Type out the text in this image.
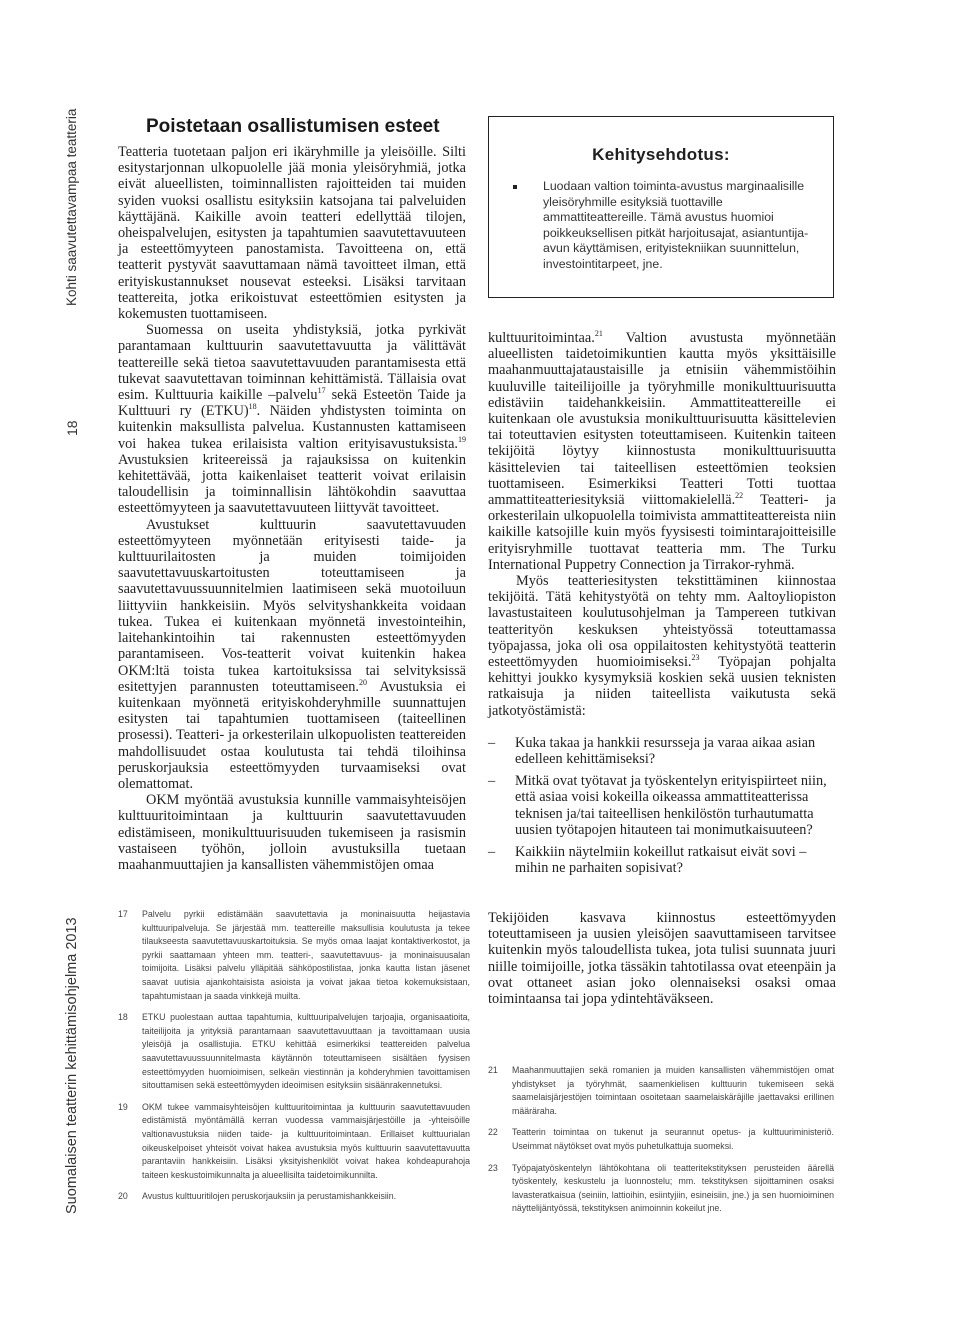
Kohti saavutettavampaa teatteria
18
Suomalaisen teatterin kehittämisohjelma 2013
Poistetaan osallistumisen esteet

Teatteria tuotetaan paljon eri ikäryhmille ja yleisöille. Silti esitystarjonnan ulkopuolelle jää monia yleisöryhmiä, jotka eivät alueellisten, toiminnallisten rajoitteiden tai muiden syiden vuoksi osallistu esityksiin katsojana tai palveluiden käyttäjänä. Kaikille avoin teatteri edellyttää tilojen, oheispalvelujen, esitysten ja tapahtumien saavutettavuuteen ja esteettömyyteen panostamista. Tavoitteena on, että teatterit pystyvät saavuttamaan nämä tavoitteet ilman, että erityiskustannukset nousevat esteeksi. Lisäksi tarvitaan teattereita, jotka erikoistuvat esteettömien esitysten ja kokemusten tuottamiseen.

Suomessa on useita yhdistyksiä, jotka pyrkivät parantamaan kulttuurin saavutettavuutta ja välittävät teattereille sekä tietoa saavutettavuuden parantamisesta että tukevat saavutettavan toiminnan kehittämistä. Tällaisia ovat esim. Kulttuuria kaikille –palvelu$^{17}$ sekä Esteetön Taide ja Kulttuuri ry (ETKU)$^{18}$. Näiden yhdistysten toiminta on kuitenkin maksullista palvelua. Kustannusten kattamiseen voi hakea tukea erilaisista valtion erityisavustuksista.$^{19}$ Avustuksien kriteereissä ja rajauksissa on kuitenkin kehitettävää, jotta kaikenlaiset teatterit voivat erilaisin taloudellisin ja toiminnallisin lähtökohdin saavuttaa esteettömyyteen ja saavutettavuuteen liittyvät tavoitteet.

Avustukset kulttuurin saavutettavuuden esteettömyyteen myönnetään erityisesti taide- ja kulttuurilaitosten ja muiden toimijoiden saavutettavuuskartoitusten toteuttamiseen ja saavutettavuussuunnitelmien laatimiseen sekä muotoiluun liittyviin hankkeisiin. Myös selvityshankkeita voidaan tukea. Tukea ei kuitenkaan myönnetä investointeihin, laitehankintoihin tai rakennusten esteettömyyden parantamiseen. Vos-teatterit voivat kuitenkin hakea OKM:ltä toista tukea kartoituksissa tai selvityksissä esitettyjen parannusten toteuttamiseen.$^{20}$ Avustuksia ei kuitenkaan myönnetä erityiskohderyhmille suunnattujen esitysten tai tapahtumien tuottamiseen (taiteellinen prosessi). Teatteri- ja orkesterilain ulkopuolisten teattereiden mahdollisuudet ostaa koulutusta tai tehdä tiloihinsa peruskorjauksia esteettömyyden turvaamiseksi ovat olemattomat.

OKM myöntää avustuksia kunnille vammaisyhteisöjen kulttuuritoimintaan ja kulttuurin saavutettavuuden edistämiseen, monikulttuurisuuden tukemiseen ja rasismin vastaiseen työhön, jolloin avustuksilla tuetaan maahanmuuttajien ja kansallisten vähemmistöjen omaa

Kehitysehdotus:
Luodaan valtion toiminta-avustus marginaalisille yleisöryhmille esityksiä tuottaville ammattiteattereille. Tämä avustus huomioi poikkeuksellisen pitkät harjoitusajat, asiantuntija-avun käyttämisen, erityistekniikan suunnittelun, investointitarpeet, jne.

kulttuuritoimintaa.$^{21}$ Valtion avustusta myönnetään alueellisten taidetoimikuntien kautta myös yksittäisille maahanmuuttajataustaisille ja etnisiin vähemmistöihin kuuluville taiteilijoille ja työryhmille monikulttuurisuutta edistäviin taidehankkeisiin. Ammattiteattereille ei kuitenkaan ole avustuksia monikulttuurisuutta käsittelevien tai toteuttavien esitysten toteuttamiseen. Kuitenkin taiteen tekijöitä löytyy kiinnostusta monikulttuurisuutta käsittelevien tai taiteellisen esteettömien teoksien tuottamiseen. Esimerkiksi Teatteri Totti tuottaa ammattiteatteriesityksiä viittomakielellä.$^{22}$ Teatteri- ja orkesterilain ulkopuolella toimivista ammattiteattereista niin kaikille katsojille kuin myös fyysisesti toimintarajoitteisille erityisryhmille tuottavat teatteria mm. The Turku International Puppetry Connection ja Tirrakor-ryhmä.

Myös teatteriesitysten tekstittäminen kiinnostaa tekijöitä. Tätä kehitystyötä on tehty mm. Aaltoyliopiston lavastustaiteen koulutusohjelman ja Tampereen tutkivan teatterityön keskuksen yhteistyössä toteuttamassa työpajassa, joka oli osa oppilaitosten kehitystyötä teatterin esteettömyyden huomioimiseksi.$^{23}$ Työpajan pohjalta kehittyi joukko kysymyksiä koskien sekä uusien teknisten ratkaisuja ja niiden taiteellista vaikutusta sekä jatkotyöstämistä:

– Kuka takaa ja hankkii resursseja ja varaa aikaa asian edelleen kehittämiseksi?
– Mitkä ovat työtavat ja työskentelyn erityispiirteet niin, että asiaa voisi kokeilla oikeassa ammattiteatterissa teknisen ja/tai taiteellisen henkilöstön turhautumatta uusien työtapojen hitauteen tai monimutkaisuuteen?
– Kaikkiin näytelmiin kokeillut ratkaisut eivät sovi – mihin ne parhaiten sopisivat?

Tekijöiden kasvava kiinnostus esteettömyyden toteuttamiseen ja uusien yleisöjen saavuttamiseen tarvitsee kuitenkin myös taloudellista tukea, jota tulisi suunnata juuri niille toimijoille, jotka tässäkin tahtotilassa ovat eteenpäin ja ovat ottaneet asian joko olennaiseksi osaksi omaa toimintaansa tai jopa ydintehtäväkseen.

17	Palvelu pyrkii edistämään saavutettavia ja moninaisuutta heijastavia kulttuuripalveluja. Se järjestää mm. teattereille maksullisia koulutusta ja tekee tilaukseesta saavutettavuuskartoituksia. Se myös omaa laajat kontaktiverkostot, ja pyrkii saattamaan yhteen mm. teatteri-, saavutettavuus- ja moninaisuusalan toimijoita. Lisäksi palvelu ylläpitää sähköpostilistaa, jonka kautta listan jäsenet saavat uutisia ajankohtaisista asioista ja voivat jakaa tietoa kokemuksistaan, tapahtumistaan ja saada vinkkejä muilta.
18	ETKU puolestaan auttaa tapahtumia, kulttuuripalvelujen tarjoajia, organisaatioita, taiteilijoita ja yrityksiä parantamaan saavutettavuuttaan ja tavoittamaan uusia yleisöjä ja osallistujia. ETKU kehittää esimerkiksi teattereiden palvelua saavutettavuussuunnitelmasta käytännön toteuttamiseen sisältäen fyysisen esteettömyyden huomioimisen, selkeän viestinnän ja kohderyhmien tavoittamisen sitouttamisen sekä esteettömyyden ideoimisen esityksiin sisäänrakennetuksi.
19	OKM tukee vammaisyhteisöjen kulttuuritoimintaa ja kulttuurin saavutettavuuden edistämistä myöntämällä kerran vuodessa vammaisjärjestöille ja -yhteisöille valtionavustuksia niiden taide- ja kulttuuritoimintaan. Erillaiset kulttuurialan oikeuskelpoiset yhteisöt voivat hakea avustuksia myös kulttuurin saavutettavuutta parantaviin hankkeisiin. Lisäksi yksityishenkilöt voivat hakea kohdeapurahoja taiteen keskustoimikunnalta ja alueellisilta taidetoimikunnilta.
20	Avustus kulttuuritilojen peruskorjauksiin ja perustamishankkeisiin.
21	Maahanmuuttajien sekä romanien ja muiden kansallisten vähemmistöjen omat yhdistykset ja työryhmät, saamenkielisen kulttuurin tukemiseen sekä saamelaisjärjestöjen toimintaan osoitetaan saamelaiskäräjille jaettavaksi erillinen määräraha.
22	Teatterin toimintaa on tukenut ja seurannut opetus- ja kulttuuriministeriö. Useimmat näytökset ovat myös puhetulkattuja suomeksi.
23	Työpajatyöskentelyn lähtökohtana oli teatteritekstityksen perusteiden äärellä työskentely, keskustelu ja luonnostelu; mm. tekstityksen sijoittaminen osaksi lavasteratkaisua (seiniin, lattioihin, esiintyjiin, esineisiin, jne.) ja sen huomioiminen näyttelijäntyössä, tekstityksen animoinnin kokeilut jne.
